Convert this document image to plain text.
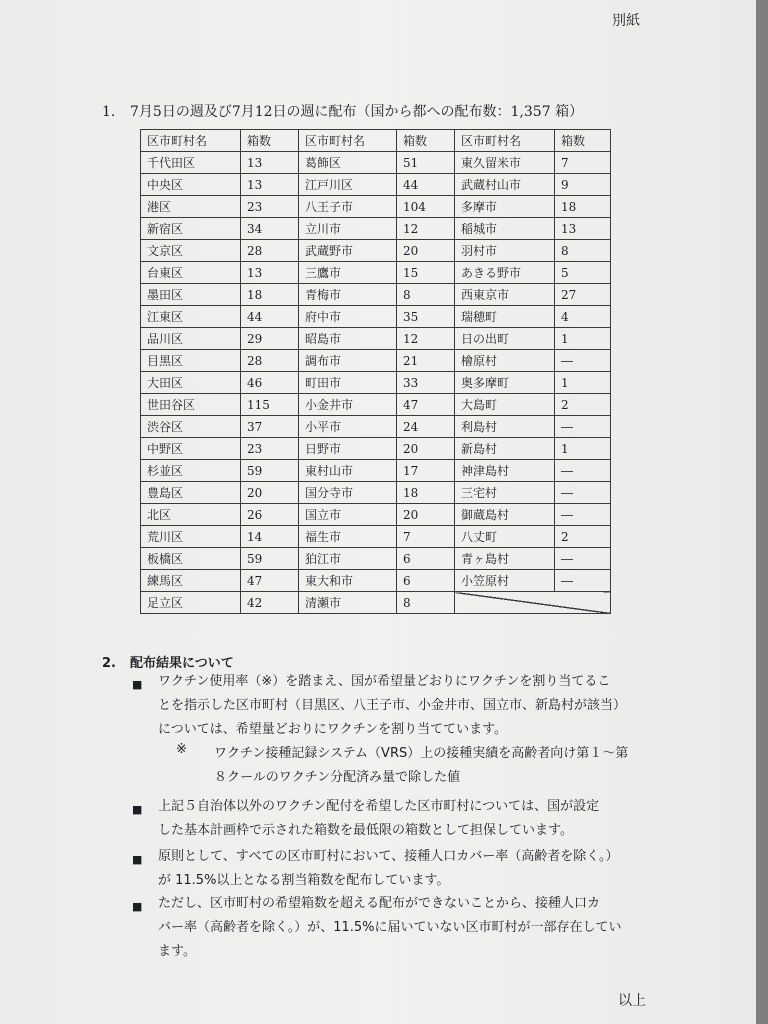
別紙
1. 7月5日の週及び7月12日の週に配布（国から都への配布数：1,357 箱）
区市町村名	箱数	区市町村名	箱数	区市町村名	箱数
千代田区	13	葛飾区	51	東久留米市	7
中央区	13	江戸川区	44	武蔵村山市	9
港区	23	八王子市	104	多摩市	18
新宿区	34	立川市	12	稲城市	13
文京区	28	武蔵野市	20	羽村市	8
台東区	13	三鷹市	15	あきる野市	5
墨田区	18	青梅市	8	西東京市	27
江東区	44	府中市	35	瑞穂町	4
品川区	29	昭島市	12	日の出町	1
目黒区	28	調布市	21	檜原村	―
大田区	46	町田市	33	奥多摩町	1
世田谷区	115	小金井市	47	大島町	2
渋谷区	37	小平市	24	利島村	―
中野区	23	日野市	20	新島村	1
杉並区	59	東村山市	17	神津島村	―
豊島区	20	国分寺市	18	三宅村	―
北区	26	国立市	20	御蔵島村	―
荒川区	14	福生市	7	八丈町	2
板橋区	59	狛江市	6	青ヶ島村	―
練馬区	47	東大和市	6	小笠原村	―
足立区	42	清瀬市	8		
2. 配布結果について
■ ワクチン使用率（※）を踏まえ、国が希望量どおりにワクチンを割り当てるこ
とを指示した区市町村（目黒区、八王子市、小金井市、国立市、新島村が該当）
については、希望量どおりにワクチンを割り当てています。
※ ワクチン接種記録システム（VRS）上の接種実績を高齢者向け第１～第
８クールのワクチン分配済み量で除した値
■ 上記５自治体以外のワクチン配付を希望した区市町村については、国が設定
した基本計画枠で示された箱数を最低限の箱数として担保しています。
■ 原則として、すべての区市町村において、接種人口カバー率（高齢者を除く。）
が 11.5%以上となる割当箱数を配布しています。
■ ただし、区市町村の希望箱数を超える配布ができないことから、接種人口カ
バー率（高齢者を除く。）が、11.5%に届いていない区市町村が一部存在してい
ます。
以上
